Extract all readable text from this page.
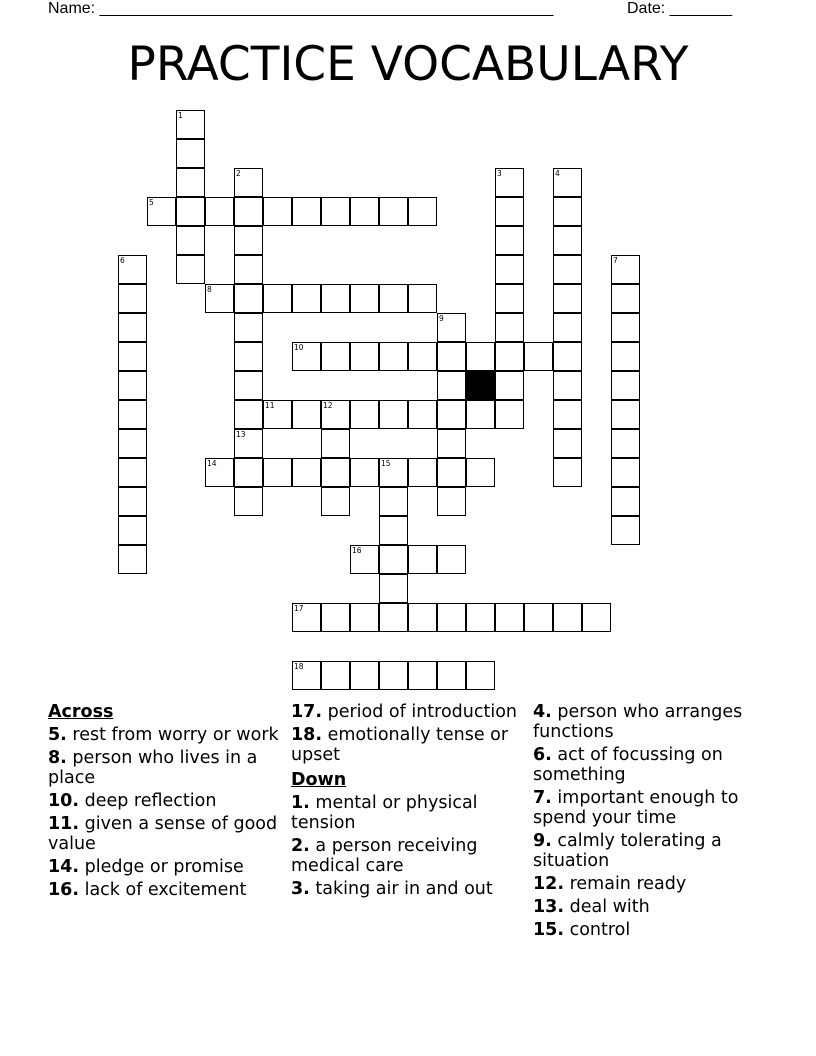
Name: ___________________________________________________	Date: _______
PRACTICE VOCABULARY
5
8
10
11	12
14	15
16
17
18
1
2	3	4
6	7
9
13
Across
5. rest from worry or work
8. person who lives in a place
10. deep reflection
11. given a sense of good value
14. pledge or promise
16. lack of excitement
17. period of introduction
18. emotionally tense or upset
Down
1. mental or physical tension
2. a person receiving medical care
3. taking air in and out
4. person who arranges functions
6. act of focussing on something
7. important enough to spend your time
9. calmly tolerating a situation
12. remain ready
13. deal with
15. control
